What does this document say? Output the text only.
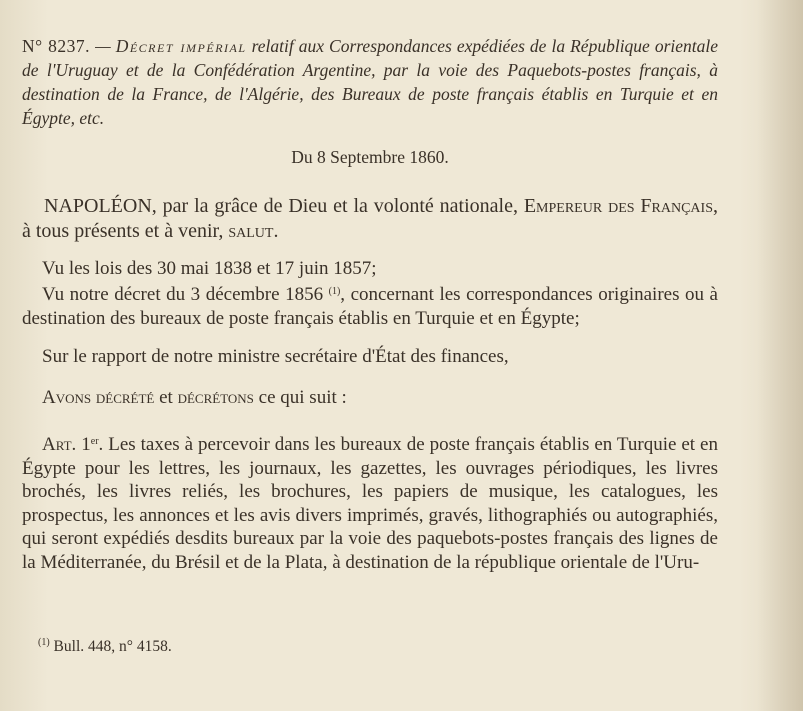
N° 8237. — Décret impérial relatif aux Correspondances expédiées de la République orientale de l'Uruguay et de la Confédération Argentine, par la voie des Paquebots-postes français, à destination de la France, de l'Algérie, des Bureaux de poste français établis en Turquie et en Égypte, etc.
Du 8 Septembre 1860.
NAPOLÉON, par la grâce de Dieu et la volonté nationale, Empereur des Français, à tous présents et à venir, salut.
Vu les lois des 30 mai 1838 et 17 juin 1857;
Vu notre décret du 3 décembre 1856 $^{(1)}$, concernant les correspondances originaires ou à destination des bureaux de poste français établis en Turquie et en Égypte;
Sur le rapport de notre ministre secrétaire d'État des finances,
Avons décrété et décrétons ce qui suit :
Art. 1er. Les taxes à percevoir dans les bureaux de poste français établis en Turquie et en Égypte pour les lettres, les journaux, les gazettes, les ouvrages périodiques, les livres brochés, les livres reliés, les brochures, les papiers de musique, les catalogues, les prospectus, les annonces et les avis divers imprimés, gravés, lithographiés ou autographiés, qui seront expédiés desdits bureaux par la voie des paquebots-postes français des lignes de la Méditerranée, du Brésil et de la Plata, à destination de la république orientale de l'Uru-
$^{(1)}$ Bull. 448, n° 4158.
